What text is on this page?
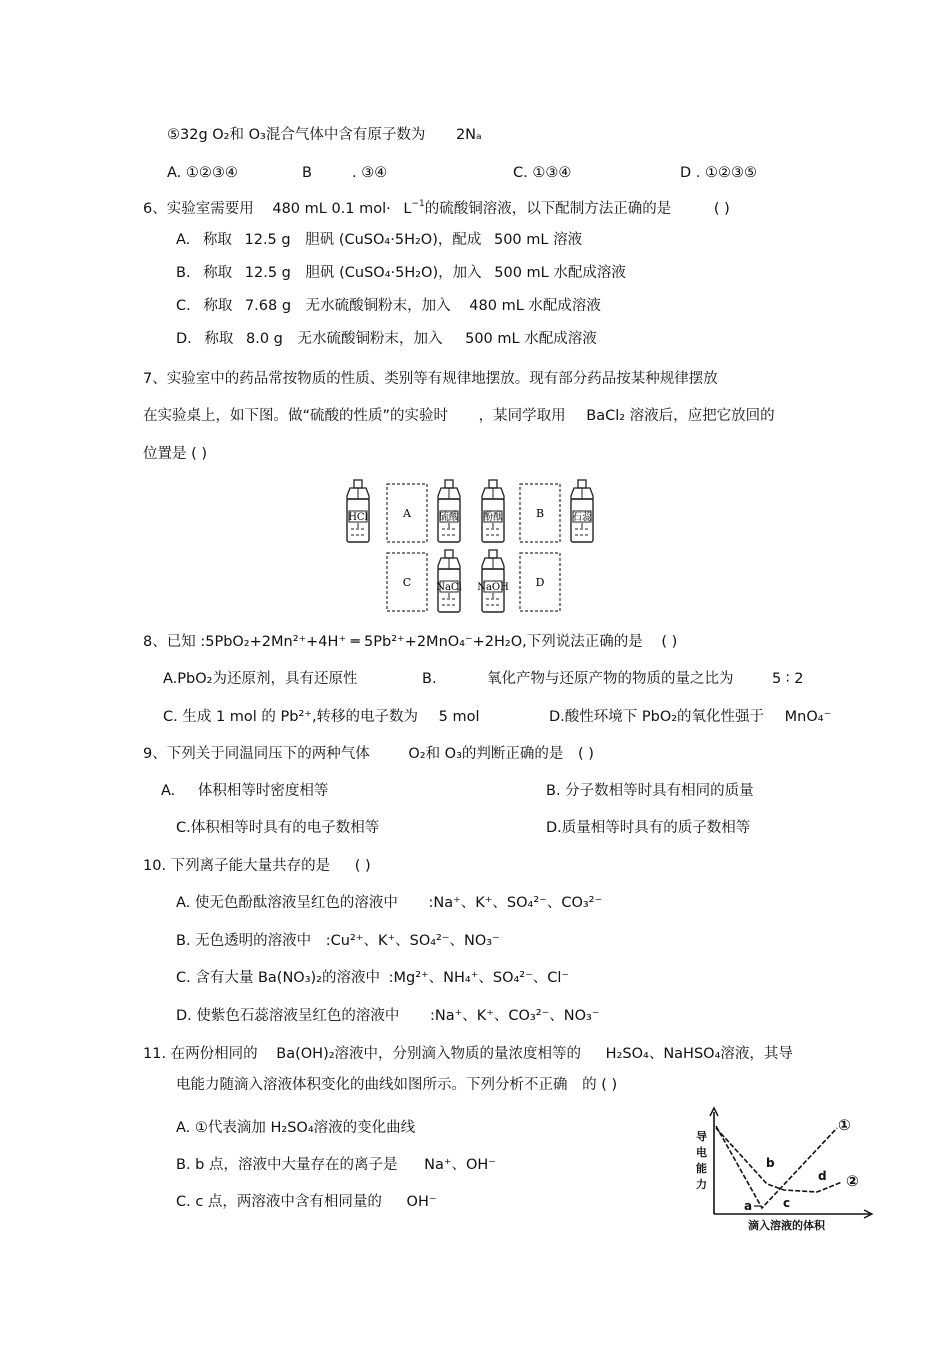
⑤32g O₂和 O₃混合气体中含有原子数为 2Nₐ
A. ①②③④	B	. ③④	C. ①③④	D . ①②③⑤
6、实验室需要用 480 mL 0.1 $mol\cdot L^{-1}$的硫酸铜溶液，以下配制方法正确的是	( )
A. 称取 12.5 g 胆矾 (CuSO₄·5H₂O)，配成 500 mL 溶液
B. 称取 12.5 g 胆矾 (CuSO₄·5H₂O)，加入 500 mL 水配成溶液
C. 称取 7.68 g 无水硫酸铜粉末，加入 480 mL 水配成溶液
D. 称取 8.0 g 无水硫酸铜粉末，加入 500 mL 水配成溶液
7、实验室中的药品常按物质的性质、类别等有规律地摆放。现有部分药品按某种规律摆放
在实验桌上，如下图。做“硫酸的性质”的实验时 ，某同学取用 BaCl₂ 溶液后，应把它放回的
位置是 ( )
HCl	A	硫酸 酚酞	B	石蕊
C	NaCl NaOH D
8、已知 :5PbO₂+2Mn²⁺+4H⁺ ═ 5Pb²⁺+2MnO₄⁻+2H₂O,下列说法正确的是 ( )
A.PbO₂为还原剂，具有还原性	B.	氧化产物与还原产物的物质的量之比为	5 ∶ 2
C. 生成 1 mol 的 Pb²⁺,转移的电子数为 5 mol	D.酸性环境下 PbO₂的氧化性强于 MnO₄⁻
9、下列关于同温同压下的两种气体	O₂和 O₃的判断正确的是 ( )
A. 体积相等时密度相等	B. 分子数相等时具有相同的质量
C.体积相等时具有的电子数相等	D.质量相等时具有的质子数相等
10. 下列离子能大量共存的是 ( )
A. 使无色酚酞溶液呈红色的溶液中 :Na⁺、K⁺、SO₄²⁻、CO₃²⁻
B. 无色透明的溶液中 :Cu²⁺、K⁺、SO₄²⁻、NO₃⁻
C. 含有大量 Ba(NO₃)₂的溶液中 :Mg²⁺、NH₄⁺、SO₄²⁻、Cl⁻
D. 使紫色石蕊溶液呈红色的溶液中 :Na⁺、K⁺、CO₃²⁻、NO₃⁻
11. 在两份相同的 Ba(OH)₂溶液中，分别滴入物质的量浓度相等的 H₂SO₄、NaHSO₄溶液，其导
电能力随滴入溶液体积变化的曲线如图所示。下列分析不正确 的 ( )
A. ①代表滴加 H₂SO₄溶液的变化曲线
B. b 点，溶液中大量存在的离子是 Na⁺、OH⁻
C. c 点，两溶液中含有相同量的 OH⁻
导
电
能
力
滴入溶液的体积
a
b
c
d
①
②
